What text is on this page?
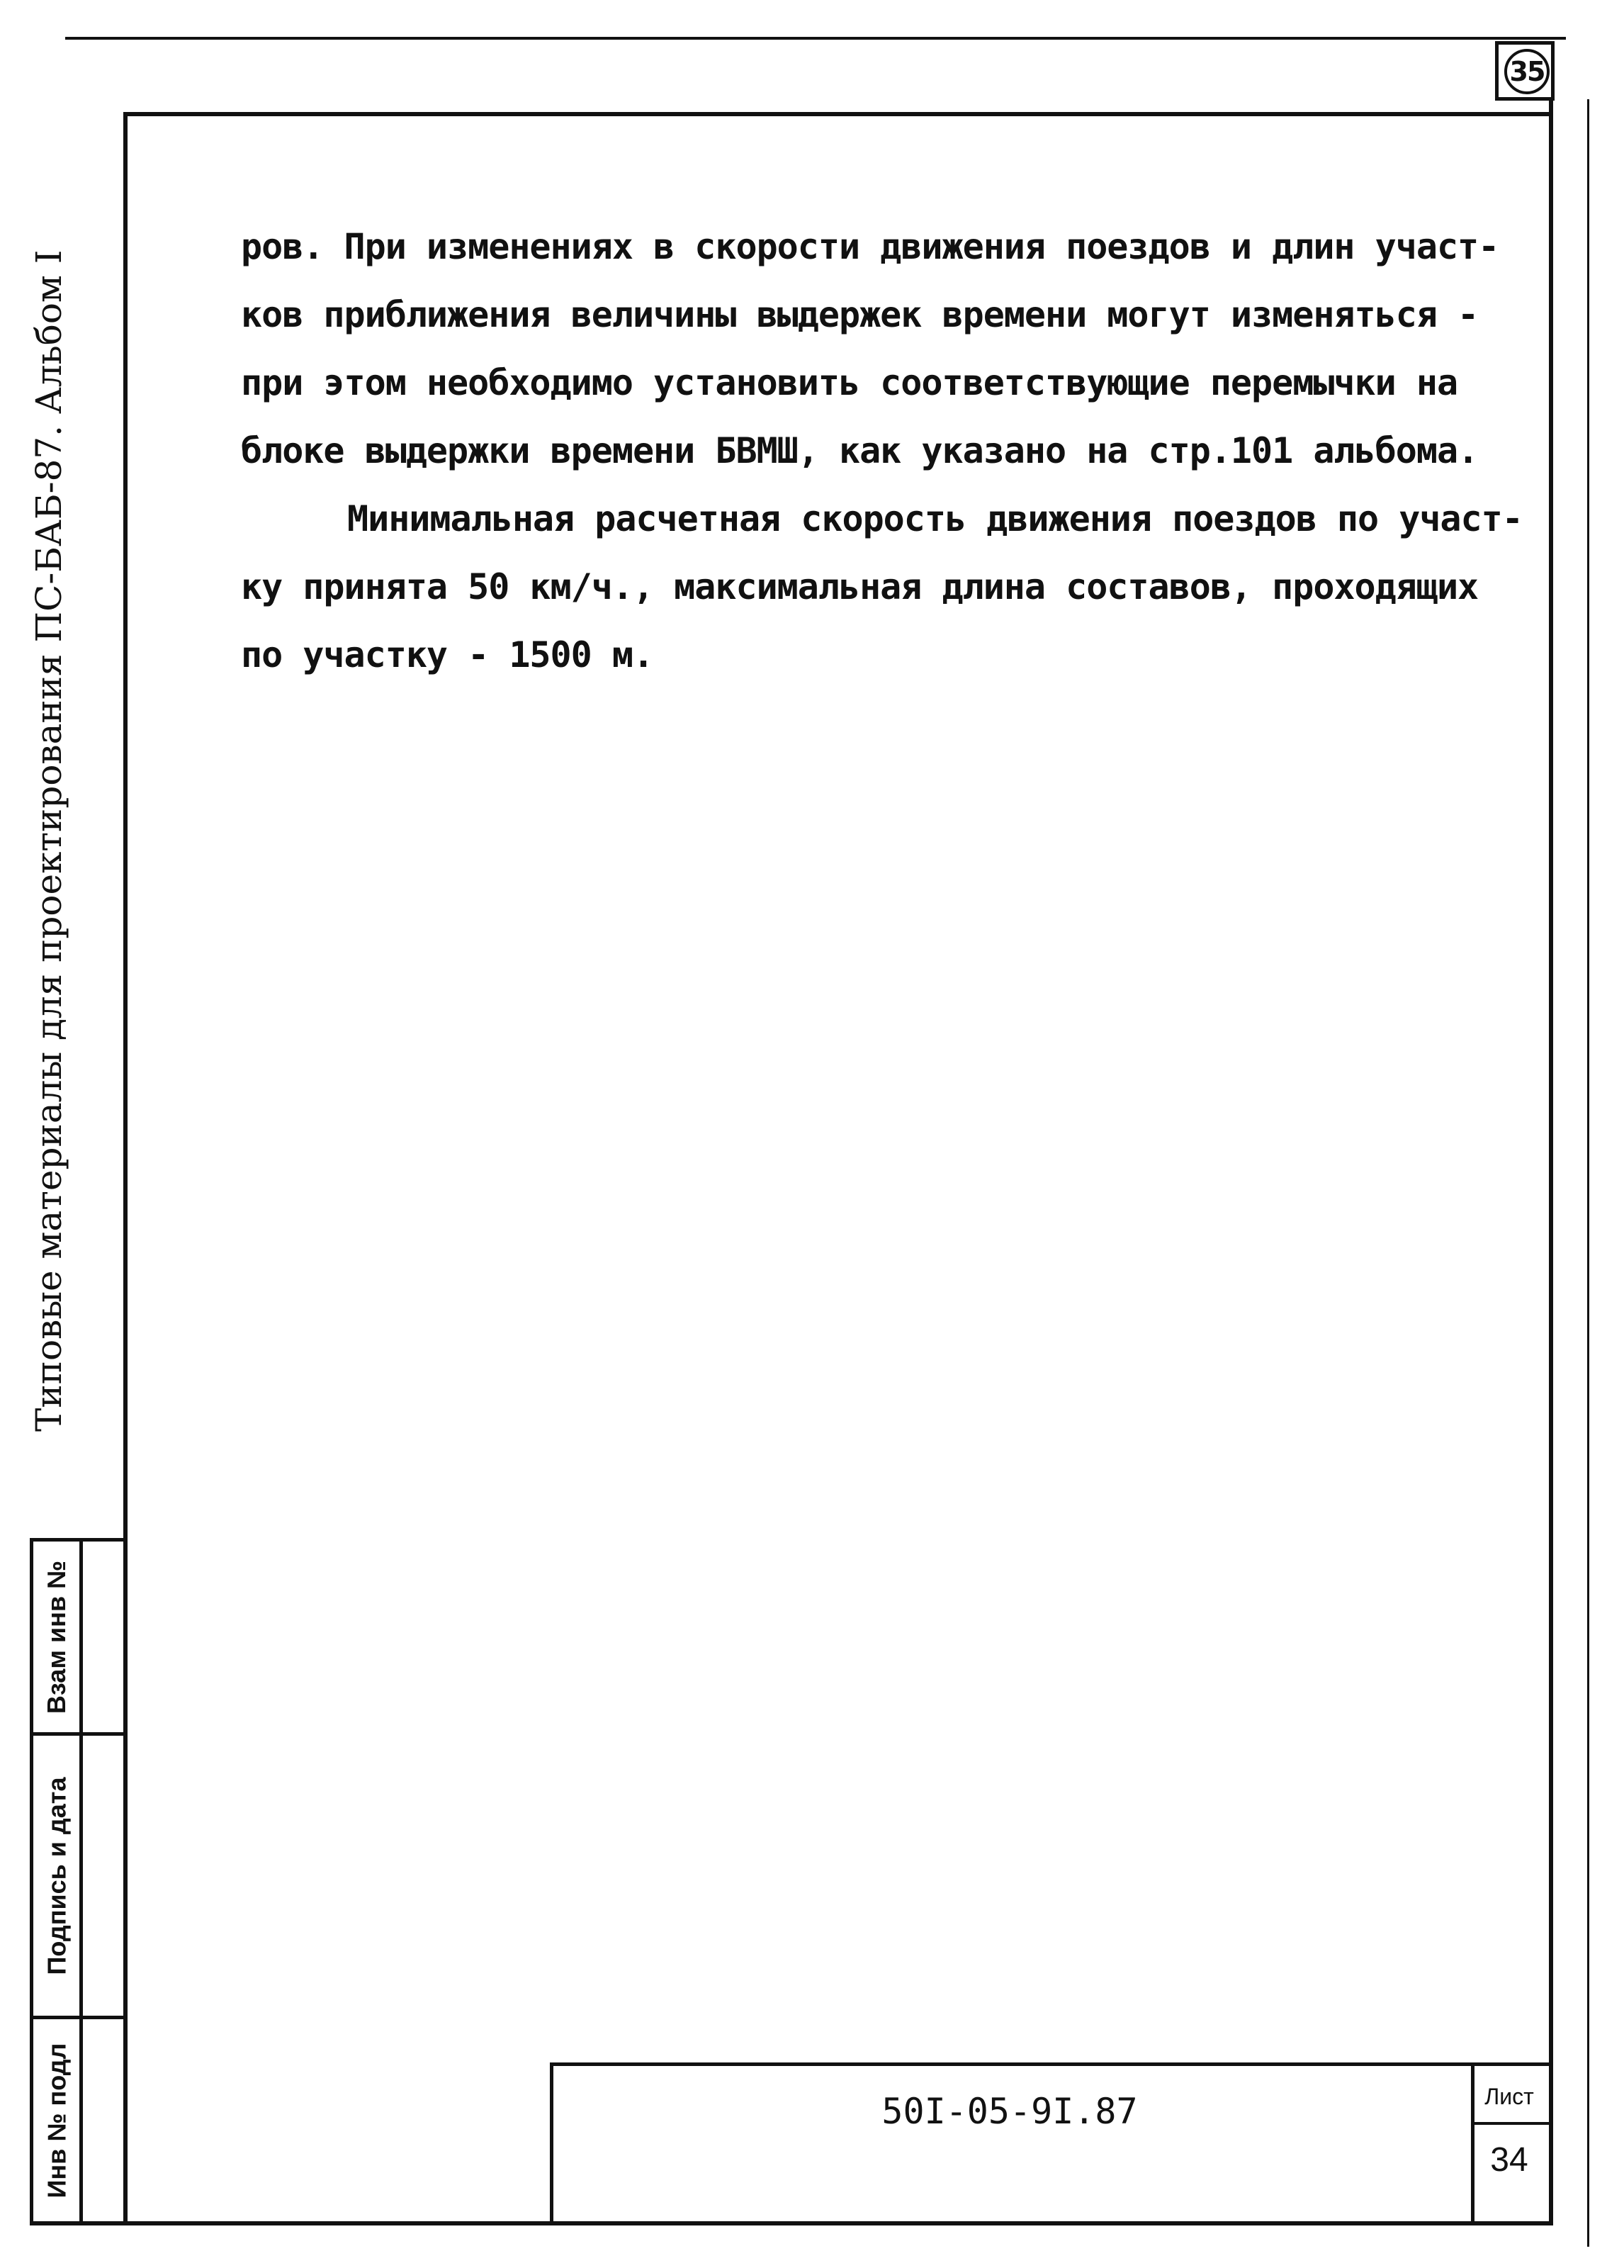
35

ров. При изменениях в скорости движения поездов и длин участ-

ков приближения величины выдержек времени могут изменяться -

при этом необходимо установить соответствующие перемычки на

блоке выдержки времени БВМШ, как указано на стр.101 альбома.

Минимальная расчетная скорость движения поездов по участ-

ку принята 50 км/ч., максимальная длина составов, проходящих

по участку - 1500 м.

Типовые материалы для проектирования ПС-БАБ-87. Альбом I
Взам инв №
Подпись и дата
Инв № подл	50I-05-9I.87	Лист
34
